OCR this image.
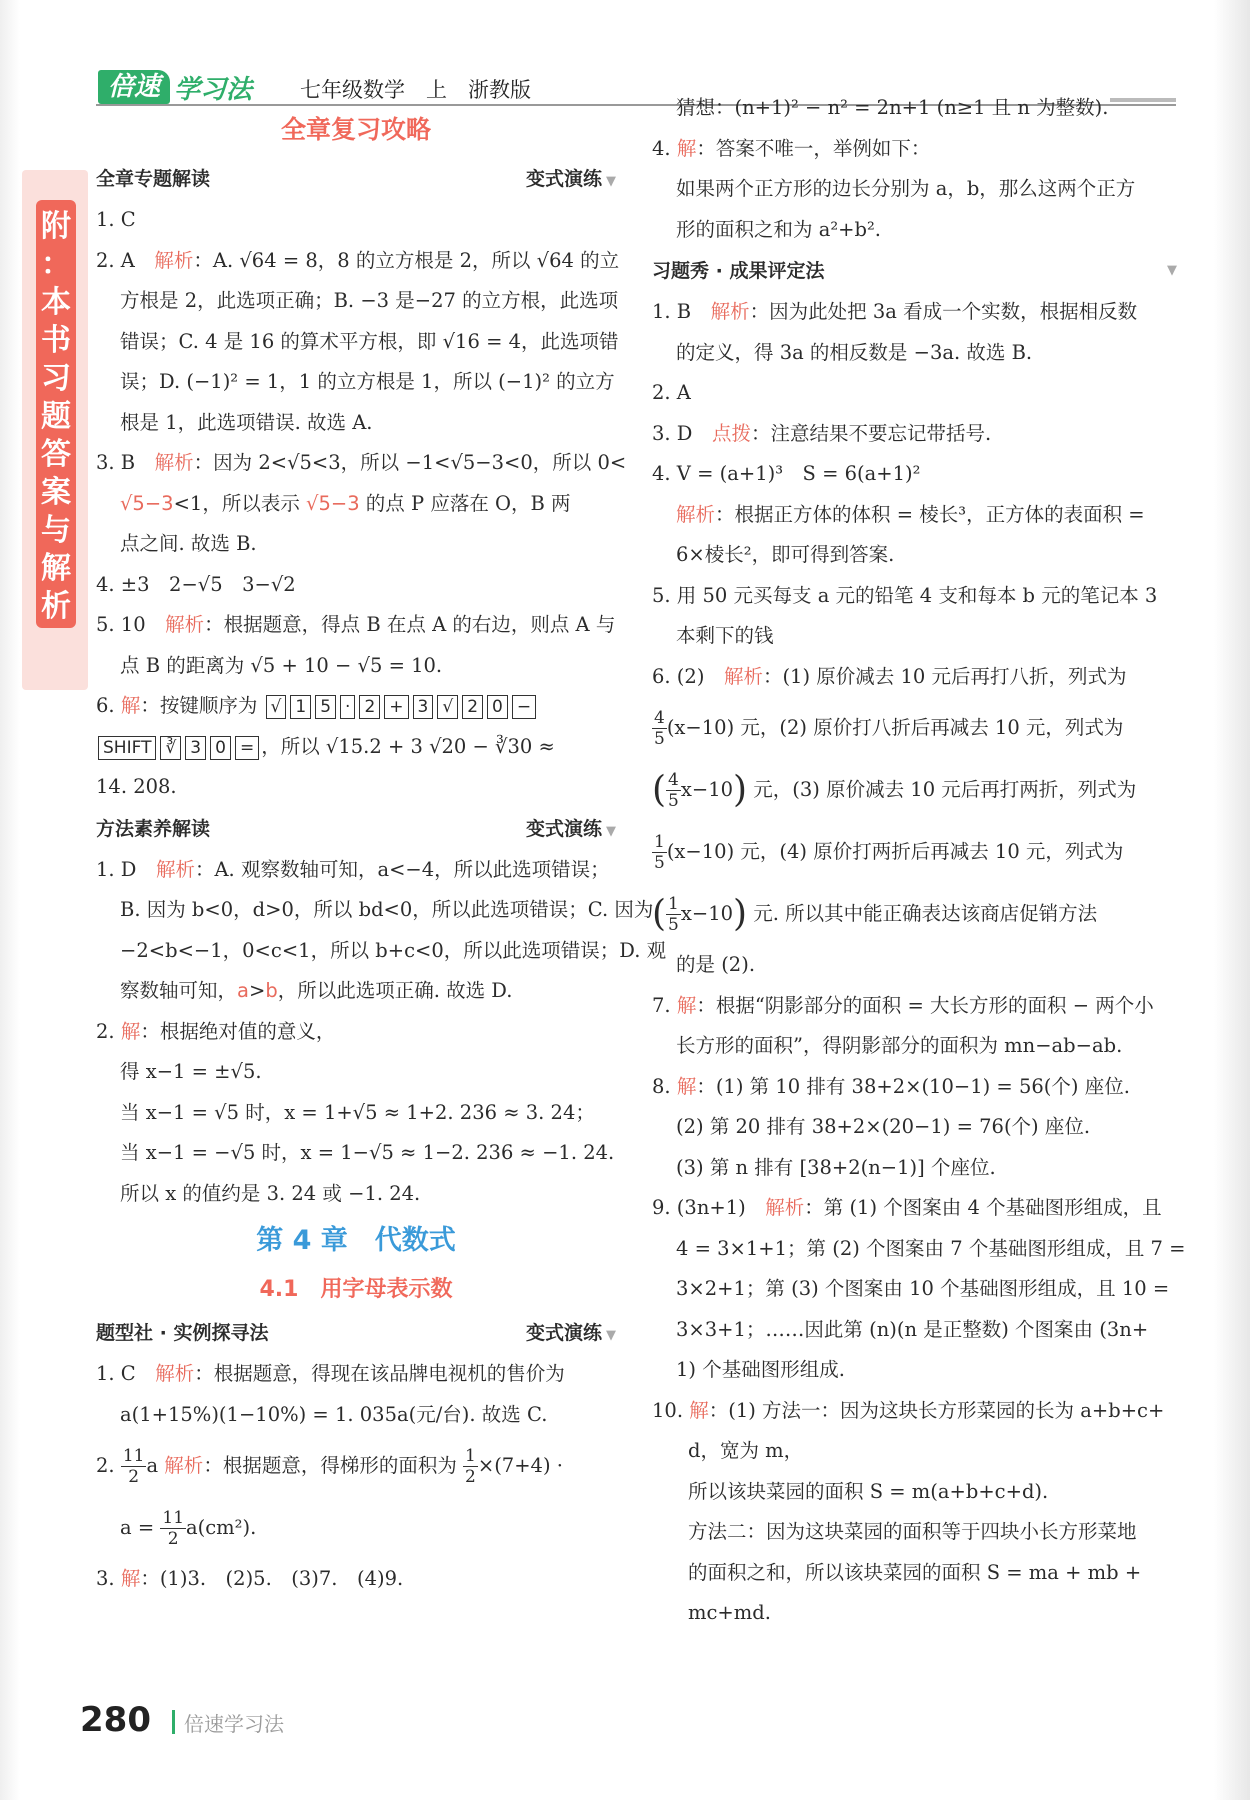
倍速 学习法 七年级数学　上　浙教版
附
：
本
书
习
题
答
案
与
解
析
全章复习攻略
全章专题解读	变式演练 ▼
1. C
2. A　解析：A. √64 = 8，8 的立方根是 2，所以 √64 的立
方根是 2，此选项正确；B. −3 是−27 的立方根，此选项
错误；C. 4 是 16 的算术平方根，即 √16 = 4，此选项错
误；D. (−1)² = 1，1 的立方根是 1，所以 (−1)² 的立方
根是 1，此选项错误. 故选 A.
3. B　解析：因为 2<√5<3，所以 −1<√5−3<0，所以 0<
√5−3<1，所以表示 √5−3 的点 P 应落在 O，B 两
点之间. 故选 B.
4. ±3　2−√5　3−√2
5. 10　解析：根据题意，得点 B 在点 A 的右边，则点 A 与
点 B 的距离为 √5 + 10 − √5 = 10.
6. 解：按键顺序为 √ 1 5 · 2 + 3 √ 2 0 −
SHIFT ∛ 3 0 = ，所以 √15.2 + 3 √20 − ∛30 ≈
14. 208.
方法素养解读	变式演练 ▼
1. D　解析：A. 观察数轴可知，a<−4，所以此选项错误；
B. 因为 b<0，d>0，所以 bd<0，所以此选项错误；C. 因为
−2<b<−1，0<c<1，所以 b+c<0，所以此选项错误；D. 观
察数轴可知，a>b，所以此选项正确. 故选 D.
2. 解：根据绝对值的意义，
得 x−1 = ±√5.
当 x−1 = √5 时，x = 1+√5 ≈ 1+2. 236 ≈ 3. 24；
当 x−1 = −√5 时，x = 1−√5 ≈ 1−2. 236 ≈ −1. 24.
所以 x 的值约是 3. 24 或 −1. 24.
第 4 章　代数式
4.1　用字母表示数
题型社 · 实例探寻法	变式演练 ▼
1. C　解析：根据题意，得现在该品牌电视机的售价为
a(1+15%)(1−10%) = 1. 035a(元/台). 故选 C.
2. $\frac{11}{2}$ a 解析：根据题意，得梯形的面积为 $\frac{1}{2} \times(7+4)$ ·
$a = \frac{11}{2} a(cm^2)$.
3. 解：(1)3.　(2)5.　(3)7.　(4)9.
猜想：(n+1)² − n² = 2n+1 (n≥1 且 n 为整数).
4. 解：答案不唯一，举例如下：
如果两个正方形的边长分别为 a，b，那么这两个正方
形的面积之和为 a²+b².
习题秀 · 成果评定法	▼
1. B　解析：因为此处把 3a 看成一个实数，根据相反数
的定义，得 3a 的相反数是 −3a. 故选 B.
2. A
3. D　点拨：注意结果不要忘记带括号.
4. V = (a+1)³　S = 6(a+1)²
解析：根据正方体的体积 = 棱长³，正方体的表面积 =
6×棱长²，即可得到答案.
5. 用 50 元买每支 a 元的铅笔 4 支和每本 b 元的笔记本 3
本剩下的钱
6. (2)　解析：(1) 原价减去 10 元后再打八折，列式为
$\frac{4}{5} (x-10)$ 元，(2) 原价打八折后再减去 10 元，列式为
( $\frac{4}{5} x-10$) 元，(3) 原价减去 10 元后再打两折，列式为
$\frac{1}{5} (x-10)$ 元，(4) 原价打两折后再减去 10 元，列式为
( $\frac{1}{5} x-10$) 元. 所以其中能正确表达该商店促销方法
的是 (2).
7. 解：根据“阴影部分的面积 = 大长方形的面积 − 两个小
长方形的面积”，得阴影部分的面积为 mn−ab−ab.
8. 解：(1) 第 10 排有 38+2×(10−1) = 56(个) 座位.
(2) 第 20 排有 38+2×(20−1) = 76(个) 座位.
(3) 第 n 排有 [38+2(n−1)] 个座位.
9. (3n+1)　解析：第 (1) 个图案由 4 个基础图形组成，且
4 = 3×1+1；第 (2) 个图案由 7 个基础图形组成，且 7 =
3×2+1；第 (3) 个图案由 10 个基础图形组成，且 10 =
3×3+1；……因此第 (n)(n 是正整数) 个图案由 (3n+
1) 个基础图形组成.
10. 解：(1) 方法一：因为这块长方形菜园的长为 a+b+c+
d，宽为 m，
所以该块菜园的面积 S = m(a+b+c+d).
方法二：因为这块菜园的面积等于四块小长方形菜地
的面积之和，所以该块菜园的面积 S = ma + mb +
mc+md.
280 倍速学习法
